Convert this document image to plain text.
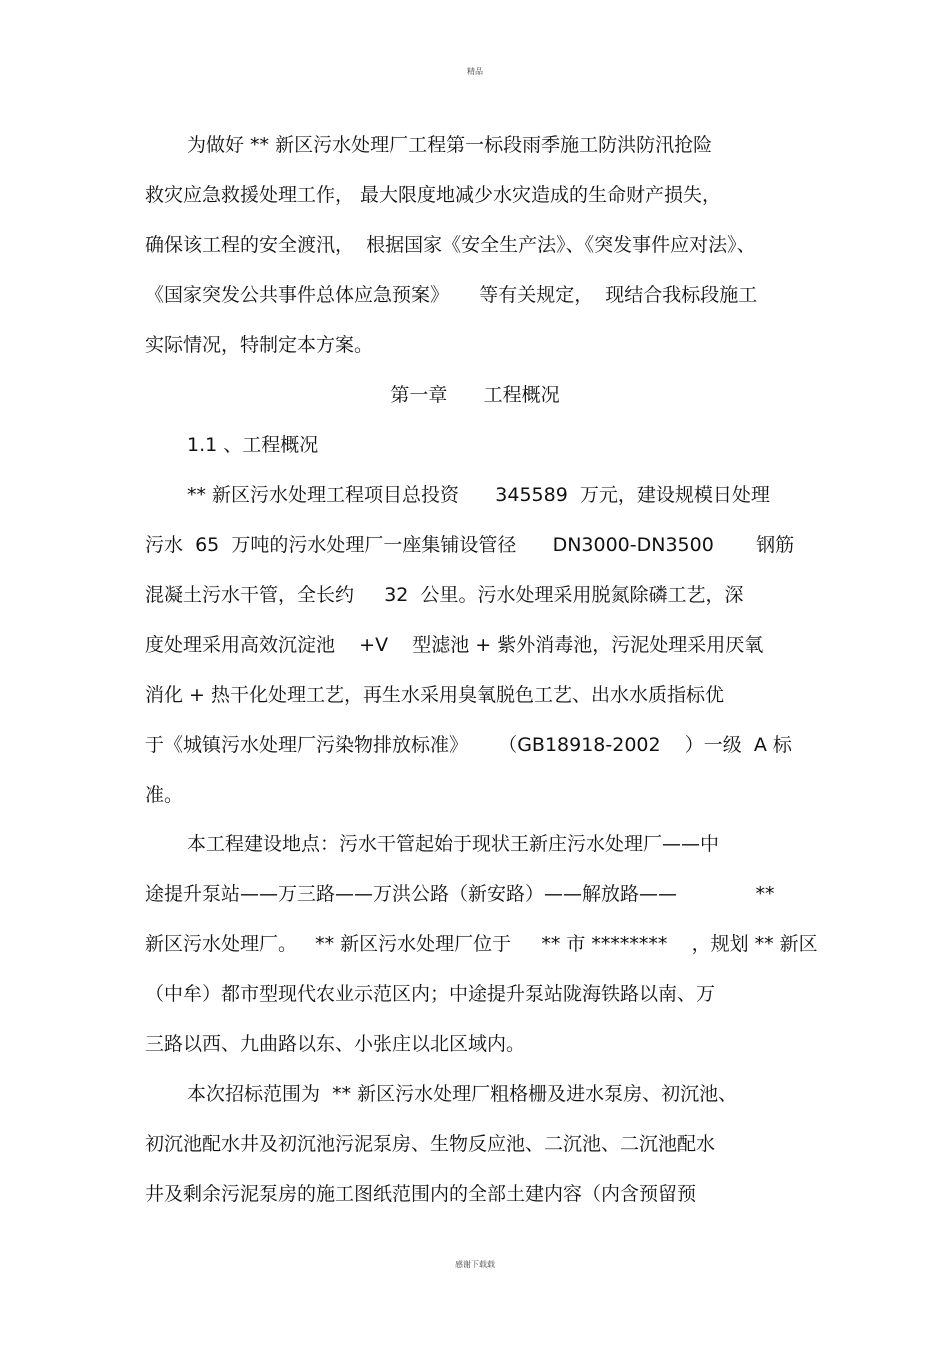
精品
为做好 ** 新区污水处理厂工程第一标段雨季施工防洪防汛抢险
救灾应急救援处理工作， 最大限度地减少水灾造成的生命财产损失，
确保该工程的安全渡汛，  根据国家《安全生产法》、《突发事件应对法》、
《国家突发公共事件总体应急预案》     等有关规定，  现结合我标段施工
实际情况，特制定本方案。
第一章      工程概况
1.1 、工程概况
** 新区污水处理工程项目总投资      345589  万元，建设规模日处理
污水  65  万吨的污水处理厂一座集铺设管径      DN3000-DN3500       钢筋
混凝土污水干管，全长约     32  公里。污水处理采用脱氮除磷工艺，深
度处理采用高效沉淀池    +V    型滤池 + 紫外消毒池，污泥处理采用厌氧
消化 + 热干化处理工艺，再生水采用臭氧脱色工艺、出水水质指标优
于《城镇污水处理厂污染物排放标准》     （GB18918-2002    ）一级  A 标
准。
本工程建设地点：污水干管起始于现状王新庄污水处理厂——中
途提升泵站——万三路——万洪公路（新安路）——解放路——             **
新区污水处理厂。   ** 新区污水处理厂位于     ** 市 ********    ，规划 ** 新区
（中牟）都市型现代农业示范区内；中途提升泵站陇海铁路以南、万
三路以西、九曲路以东、小张庄以北区域内。
本次招标范围为  ** 新区污水处理厂粗格栅及进水泵房、初沉池、
初沉池配水井及初沉池污泥泵房、生物反应池、二沉池、二沉池配水
井及剩余污泥泵房的施工图纸范围内的全部土建内容（内含预留预
感谢下载载
